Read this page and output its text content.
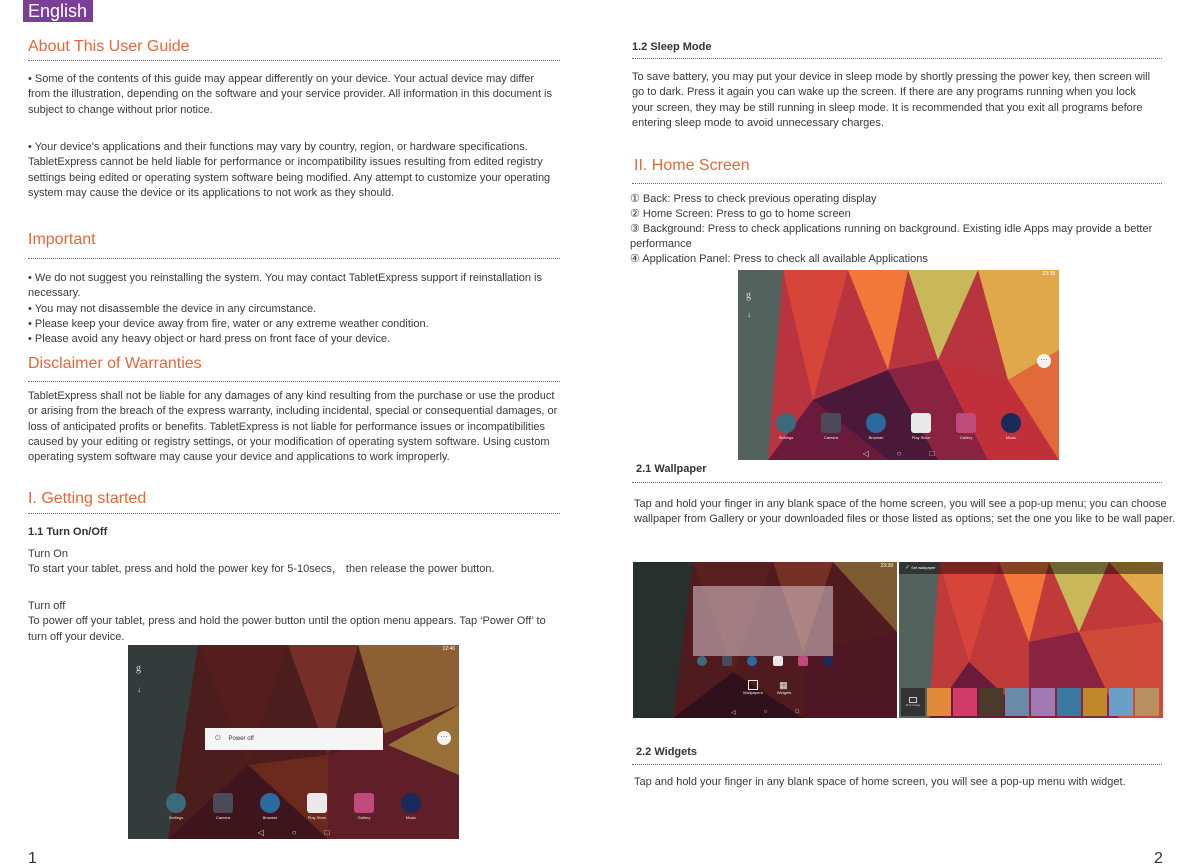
English
About This User Guide
• Some of the contents of this guide may appear differently on your device. Your actual device may differ from the illustration, depending on the software and your service provider. All information in this document is subject to change without prior notice.
• Your device's applications and their functions may vary by country, region, or hardware specifications. TabletExpress cannot be held liable for performance or incompatibility issues resulting from edited registry settings being edited or operating system software being modified. Any attempt to customize your operating system may cause the device or its applications to not work as they should.
Important
• We do not suggest you reinstalling the system. You may contact TabletExpress support if reinstallation is necessary.
• You may not disassemble the device in any circumstance.
• Please keep your device away from fire, water or any extreme weather condition.
• Please avoid any heavy object or hard press on front face of your device.
Disclaimer of Warranties
TabletExpress shall not be liable for any damages of any kind resulting from the purchase or use the product or arising from the breach of the express warranty, including incidental, special or consequential damages, or loss of anticipated profits or benefits. TabletExpress is not liable for performance issues or incompatibilities caused by your editing or registry settings, or your modification of operating system software. Using custom operating system software may cause your device and applications to work improperly.
I. Getting started
1.1 Turn On/Off
Turn On
To start your tablet, press and hold the power key for 5-10secs， then release the power button.
Turn off
To power off your tablet, press and hold the power button until the option menu appears. Tap ‘Power Off’ to turn off your device.
12:46
g
↓
⏻ Power off	⋯
Settings	Camera	Browser	Play Store	Gallery	Music
◁	○	□
1
1.2 Sleep Mode
To save battery, you may put your device in sleep mode by shortly pressing the power key, then screen will go to dark. Press it again you can wake up the screen. If there are any programs running when you lock your screen, they may be still running in sleep mode. It is recommended that you exit all programs before entering sleep mode to avoid unnecessary charges.
II. Home Screen
① Back: Press to check previous operating display
② Home Screen: Press to go to home screen
③ Background: Press to check applications running on background. Existing idle Apps may provide a better performance
④ Application Panel: Press to check all available Applications
2.1 Wallpaper
Tap and hold your finger in any blank space of the home screen, you will see a pop-up menu; you can choose wallpaper from Gallery or your downloaded files or those listed as options; set the one you like to be wall paper.
2.2 Widgets
Tap and hold your finger in any blank space of home screen, you will see a pop-up menu with widget.
23:38
g
↓
⋯
Settings	Camera	Browser	Play Store	Gallery	Music
◁	○	□
23:39
Wallpapers
▦
Widgets
◁	○	□
✓ Set wallpaper
Pick image
2
